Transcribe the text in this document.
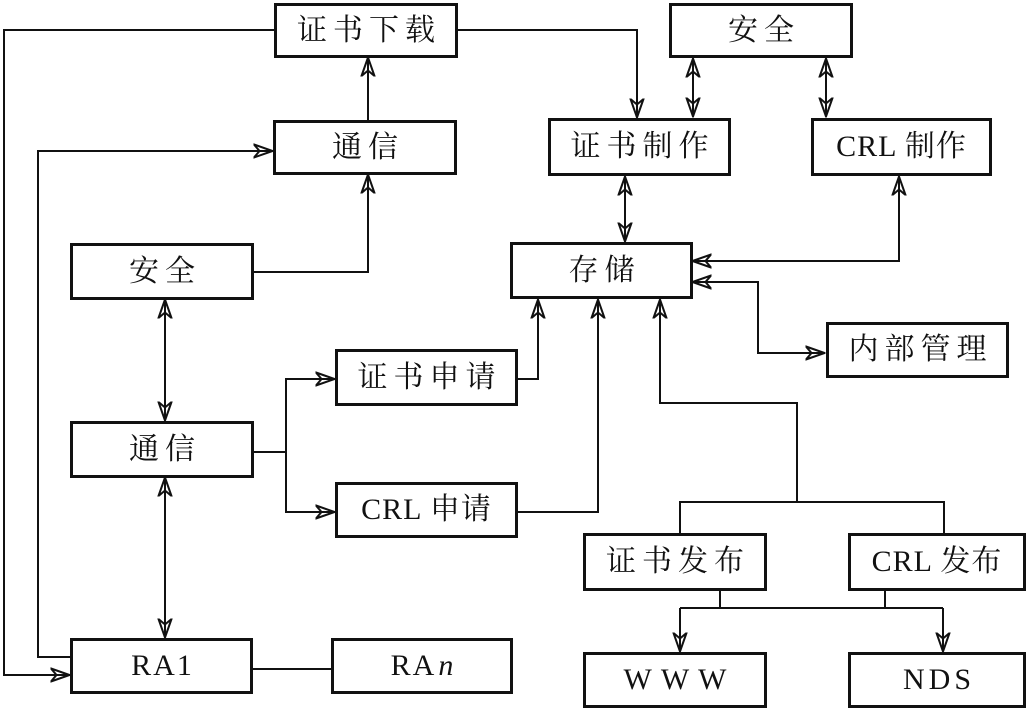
证书下载	安全
通信	证书制作	CRL 制作
安全	存储
内部管理
证书申请
通信
CRL 申请
证书发布	CRL 发布
RA1	RA n	WWW	NDS
